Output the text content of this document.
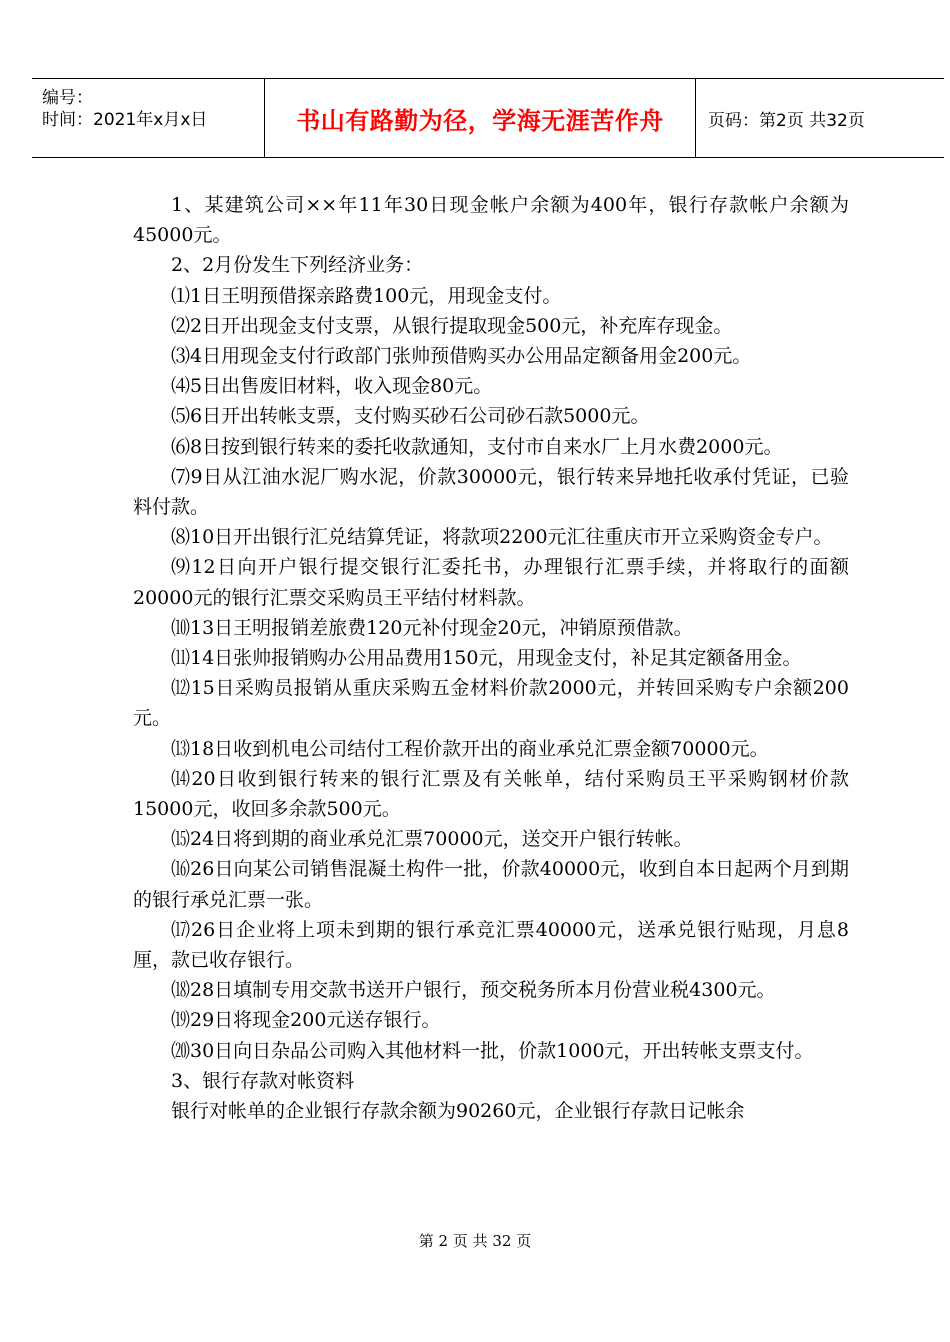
编号：
时间：2021年x月x日	书山有路勤为径，学海无涯苦作舟	页码：第2页 共32页

1、某建筑公司××年11年30日现金帐户余额为400年，银行存款帐户余额为45000元。

2、2月份发生下列经济业务：

⑴1日王明预借探亲路费100元，用现金支付。

⑵2日开出现金支付支票，从银行提取现金500元，补充库存现金。

⑶4日用现金支付行政部门张帅预借购买办公用品定额备用金200元。

⑷5日出售废旧材料，收入现金80元。

⑸6日开出转帐支票，支付购买砂石公司砂石款5000元。

⑹8日按到银行转来的委托收款通知，支付市自来水厂上月水费2000元。

⑺9日从江油水泥厂购水泥，价款30000元，银行转来异地托收承付凭证，已验料付款。

⑻10日开出银行汇兑结算凭证，将款项2200元汇往重庆市开立采购资金专户。

⑼12日向开户银行提交银行汇委托书，办理银行汇票手续，并将取行的面额20000元的银行汇票交采购员王平结付材料款。

⑽13日王明报销差旅费120元补付现金20元，冲销原预借款。

⑾14日张帅报销购办公用品费用150元，用现金支付，补足其定额备用金。

⑿15日采购员报销从重庆采购五金材料价款2000元，并转回采购专户余额200元。

⒀18日收到机电公司结付工程价款开出的商业承兑汇票金额70000元。

⒁20日收到银行转来的银行汇票及有关帐单，结付采购员王平采购钢材价款15000元，收回多余款500元。

⒂24日将到期的商业承兑汇票70000元，送交开户银行转帐。

⒃26日向某公司销售混凝土构件一批，价款40000元，收到自本日起两个月到期的银行承兑汇票一张。

⒄26日企业将上项未到期的银行承竞汇票40000元，送承兑银行贴现，月息8厘，款已收存银行。

⒅28日填制专用交款书送开户银行，预交税务所本月份营业税4300元。

⒆29日将现金200元送存银行。

⒇30日向日杂品公司购入其他材料一批，价款1000元，开出转帐支票支付。

3、银行存款对帐资料

银行对帐单的企业银行存款余额为90260元，企业银行存款日记帐余

第 2 页 共 32 页
